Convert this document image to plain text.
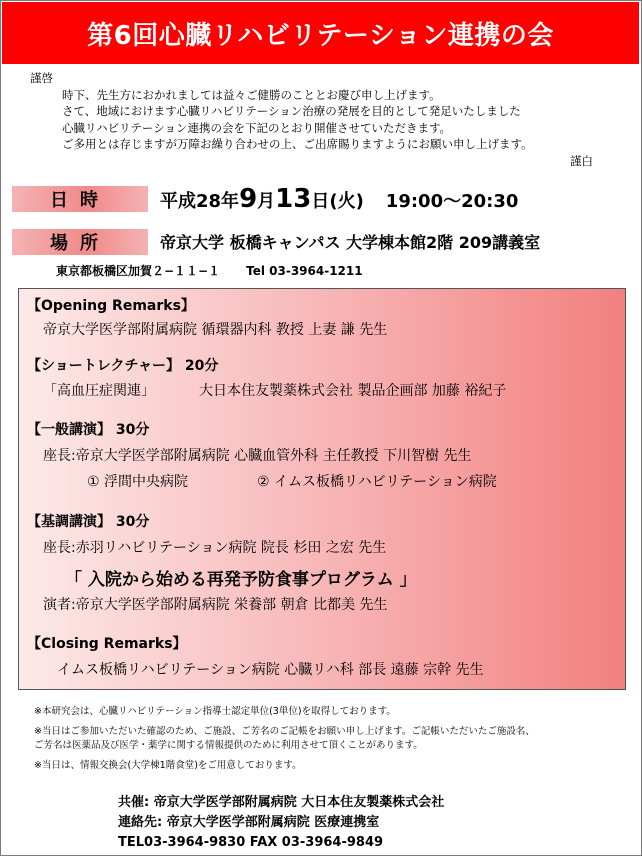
第6回心臓リハビリテーション連携の会
謹啓
時下、先生方におかれましては益々ご健勝のこととお慶び申し上げます。
さて、地域におけます心臓リハビリテーション治療の発展を目的として発足いたしました
心臓リハビリテーション連携の会を下記のとおり開催させていただきます。
ご多用とは存じますが万障お繰り合わせの上、ご出席賜りますようにお願い申し上げます。
謹白
日時	平成28年9月13日(火) 19:00〜20:30
場所	帝京大学 板橋キャンパス 大学棟本館2階 209講義室
東京都板橋区加賀２−１１−１ Tel 03-3964-1211
【Opening Remarks】
帝京大学医学部附属病院 循環器内科 教授 上妻 謙 先生
【ショートレクチャー】 20分
「高血圧症関連」	大日本住友製薬株式会社 製品企画部 加藤 裕紀子
【一般講演】 30分
座長:帝京大学医学部附属病院 心臓血管外科 主任教授 下川智樹 先生
① 浮間中央病院	② イムス板橋リハビリテーション病院
【基調講演】 30分
座長:赤羽リハビリテーション病院 院長 杉田 之宏 先生
「 入院から始める再発予防食事プログラム 」
演者:帝京大学医学部附属病院 栄養部 朝倉 比都美 先生
【Closing Remarks】
イムス板橋リハビリテーション病院 心臓リハ科 部長 遠藤 宗幹 先生
※本研究会は、心臓リハビリテーション指導士認定単位(3単位)を取得しております。
※当日はご参加いただいた確認のため、ご施設、ご芳名のご記帳をお願い申し上げます。ご記帳いただいたご施設名、
ご芳名は医薬品及び医学・薬学に関する情報提供のために利用させて頂くことがあります。
※当日は、情報交換会(大学棟1階食堂)をご用意しております。
共催: 帝京大学医学部附属病院 大日本住友製薬株式会社
連絡先: 帝京大学医学部附属病院 医療連携室
TEL03-3964-9830 FAX 03-3964-9849
